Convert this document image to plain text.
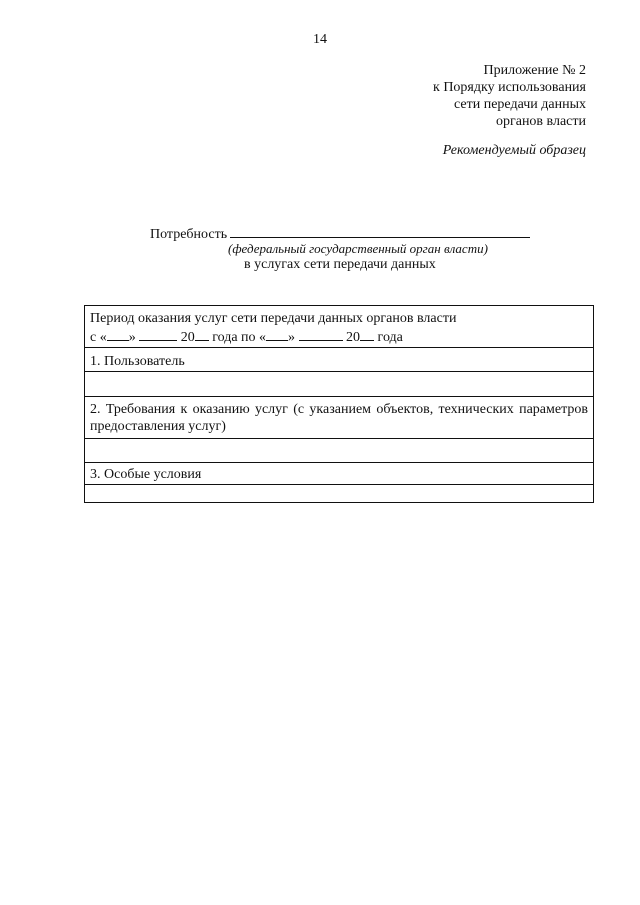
14
Приложение № 2
к Порядку использования
сети передачи данных
органов власти
Рекомендуемый образец
Потребность
(федеральный государственный орган власти)
в услугах сети передачи данных
Период оказания услуг сети передачи данных органов власти
с « »	20 года по « »	20 года
1. Пользователь
2. Требования к оказанию услуг (с указанием объектов, технических параметров
предоставления услуг)
3. Особые условия
